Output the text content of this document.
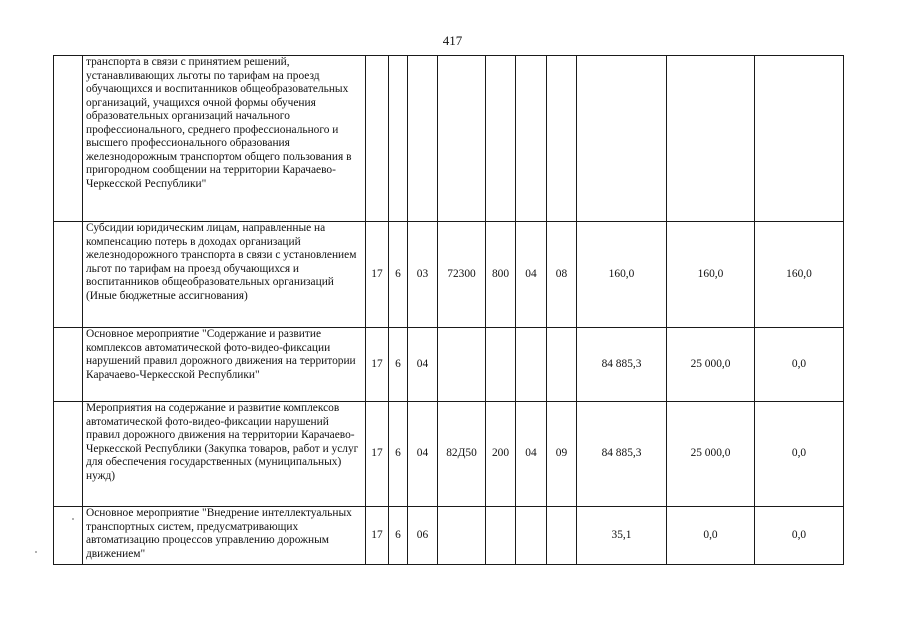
417
	транспорта в связи с принятием решений, устанавливающих льготы по тарифам на проезд обучающихся и воспитанников общеобразовательных организаций, учащихся очной формы обучения образовательных организаций начального профессионального, среднего профессионального и высшего профессионального образования железнодорожным транспортом общего пользования в пригородном сообщении на территории Карачаево-Черкесской Республики"										
	Субсидии юридическим лицам, направленные на компенсацию потерь в доходах организаций железнодорожного транспорта в связи с установлением льгот по тарифам на проезд обучающихся и воспитанников общеобразовательных организаций (Иные бюджетные ассигнования)	17	6	03	72300	800	04	08	160,0	160,0	160,0
	Основное мероприятие "Содержание и развитие комплексов автоматической фото-видео-фиксации нарушений правил дорожного движения на территории Карачаево-Черкесской Республики"	17	6	04					84 885,3	25 000,0	0,0
	Мероприятия на содержание и развитие комплексов автоматической фото-видео-фиксации нарушений правил дорожного движения на территории Карачаево-Черкесской Республики (Закупка товаров, работ и услуг для обеспечения государственных (муниципальных) нужд)	17	6	04	82Д50	200	04	09	84 885,3	25 000,0	0,0
	Основное мероприятие "Внедрение интеллектуальных транспортных систем, предусматривающих автоматизацию процессов управлению дорожным движением"	17	6	06					35,1	0,0	0,0
